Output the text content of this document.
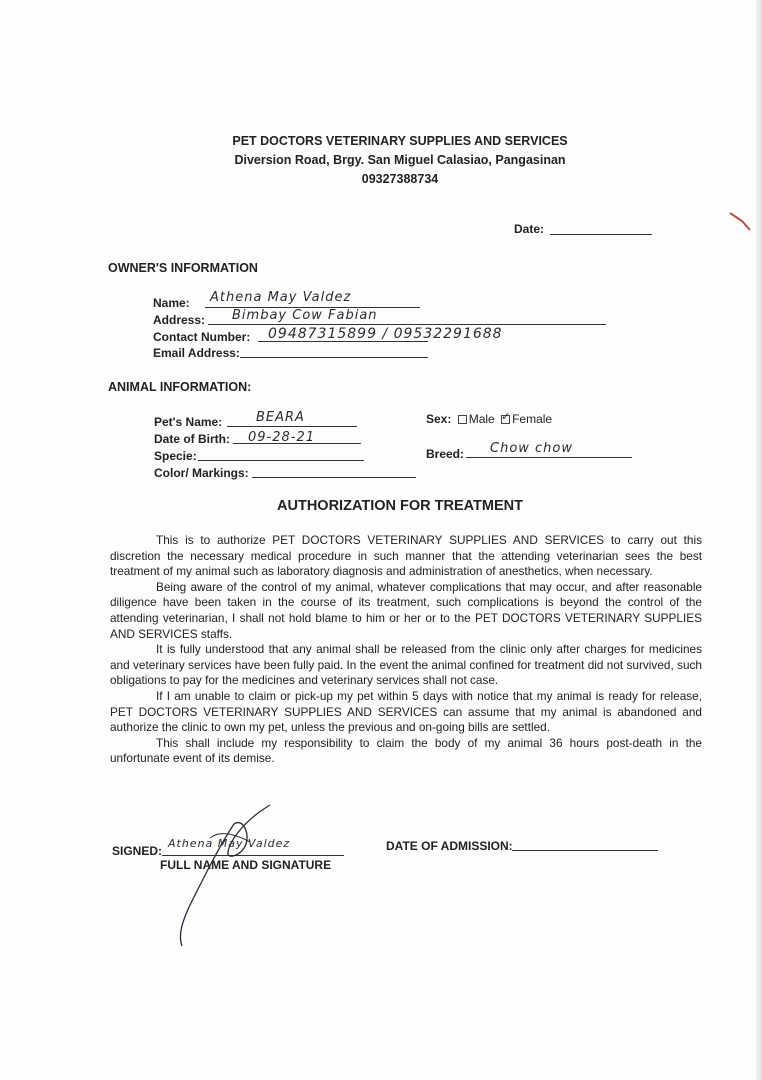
PET DOCTORS VETERINARY SUPPLIES AND SERVICES
Diversion Road, Brgy. San Miguel Calasiao, Pangasinan
09327388734
Date:
OWNER'S INFORMATION
Name: Athena May Valdez
Address: Bimbay Cow Fabian
Contact Number: 09487315899 / 09532291688
Email Address:
ANIMAL INFORMATION:
Pet's Name:	BEARA
Date of Birth: 09-28-21
Specie:
Color/ Markings:
Sex: Male ✓ Female
Breed: Chow chow
AUTHORIZATION FOR TREATMENT

This is to authorize PET DOCTORS VETERINARY SUPPLIES AND SERVICES to carry out this discretion the necessary medical procedure in such manner that the attending veterinarian sees the best treatment of my animal such as laboratory diagnosis and administration of anesthetics, when necessary.

Being aware of the control of my animal, whatever complications that may occur, and after reasonable diligence have been taken in the course of its treatment, such complications is beyond the control of the attending veterinarian, I shall not hold blame to him or her or to the PET DOCTORS VETERINARY SUPPLIES AND SERVICES staffs.

It is fully understood that any animal shall be released from the clinic only after charges for medicines and veterinary services have been fully paid. In the event the animal confined for treatment did not survived, such obligations to pay for the medicines and veterinary services shall not case.

If I am unable to claim or pick-up my pet within 5 days with notice that my animal is ready for release, PET DOCTORS VETERINARY SUPPLIES AND SERVICES can assume that my animal is abandoned and authorize the clinic to own my pet, unless the previous and on-going bills are settled.

This shall include my responsibility to claim the body of my animal 36 hours post-death in the unfortunate event of its demise.

SIGNED:
Athena May Valdez
FULL NAME AND SIGNATURE
DATE OF ADMISSION:
